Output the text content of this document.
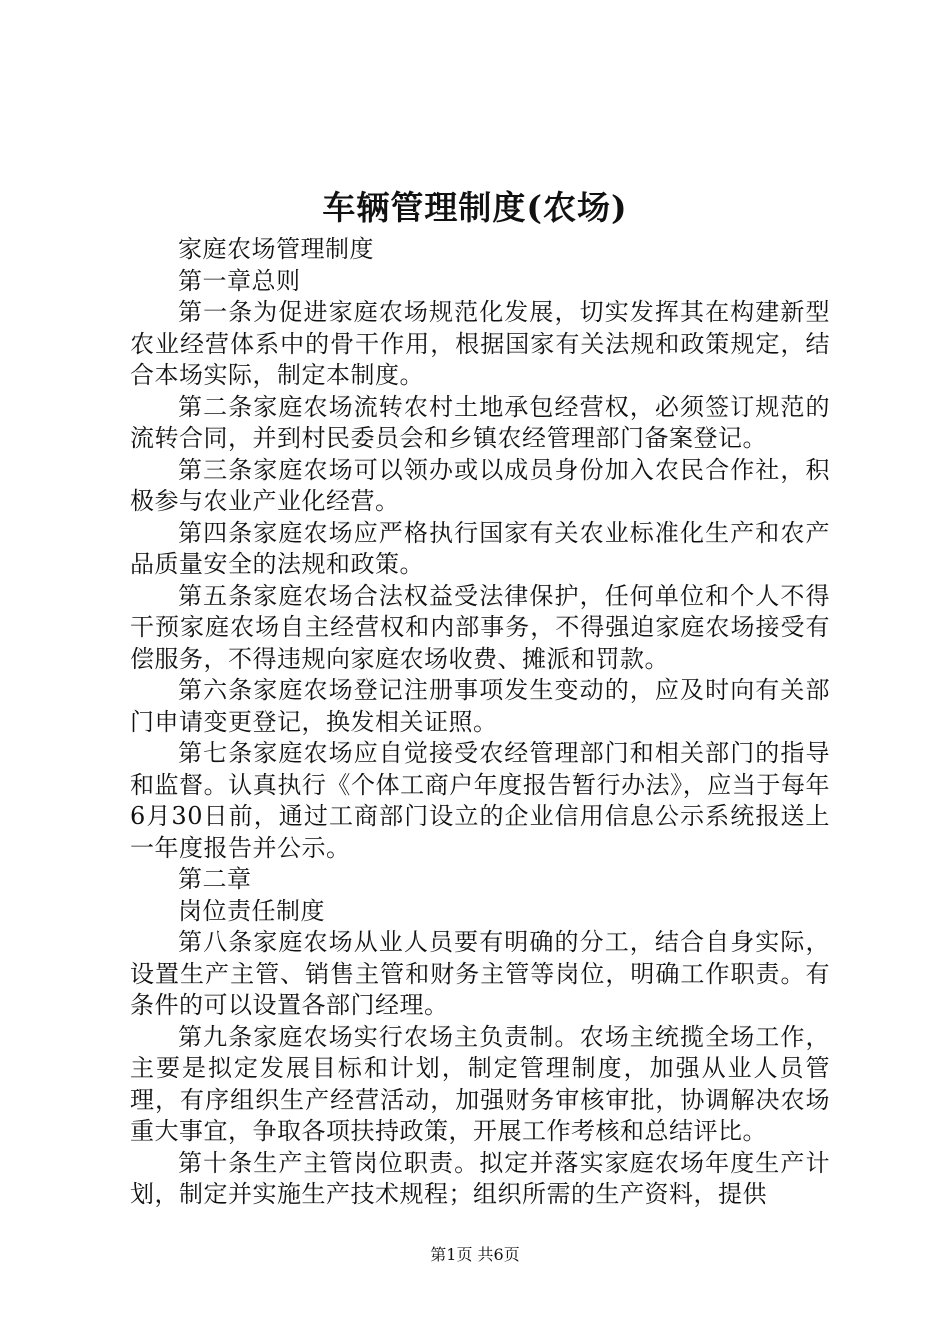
车辆管理制度(农场)

家庭农场管理制度

第一章总则

第一条为促进家庭农场规范化发展，切实发挥其在构建新型农业经营体系中的骨干作用，根据国家有关法规和政策规定，结合本场实际，制定本制度。

第二条家庭农场流转农村土地承包经营权，必须签订规范的流转合同，并到村民委员会和乡镇农经管理部门备案登记。

第三条家庭农场可以领办或以成员身份加入农民合作社，积极参与农业产业化经营。

第四条家庭农场应严格执行国家有关农业标准化生产和农产品质量安全的法规和政策。

第五条家庭农场合法权益受法律保护，任何单位和个人不得干预家庭农场自主经营权和内部事务，不得强迫家庭农场接受有偿服务，不得违规向家庭农场收费、摊派和罚款。

第六条家庭农场登记注册事项发生变动的，应及时向有关部门申请变更登记，换发相关证照。

第七条家庭农场应自觉接受农经管理部门和相关部门的指导和监督。认真执行《个体工商户年度报告暂行办法》，应当于每年6月30日前，通过工商部门设立的企业信用信息公示系统报送上一年度报告并公示。

第二章

岗位责任制度

第八条家庭农场从业人员要有明确的分工，结合自身实际，设置生产主管、销售主管和财务主管等岗位，明确工作职责。有条件的可以设置各部门经理。

第九条家庭农场实行农场主负责制。农场主统揽全场工作，主要是拟定发展目标和计划，制定管理制度，加强从业人员管理，有序组织生产经营活动，加强财务审核审批，协调解决农场重大事宜，争取各项扶持政策，开展工作考核和总结评比。

第十条生产主管岗位职责。拟定并落实家庭农场年度生产计划，制定并实施生产技术规程；组织所需的生产资料，提供

第1页 共6页
